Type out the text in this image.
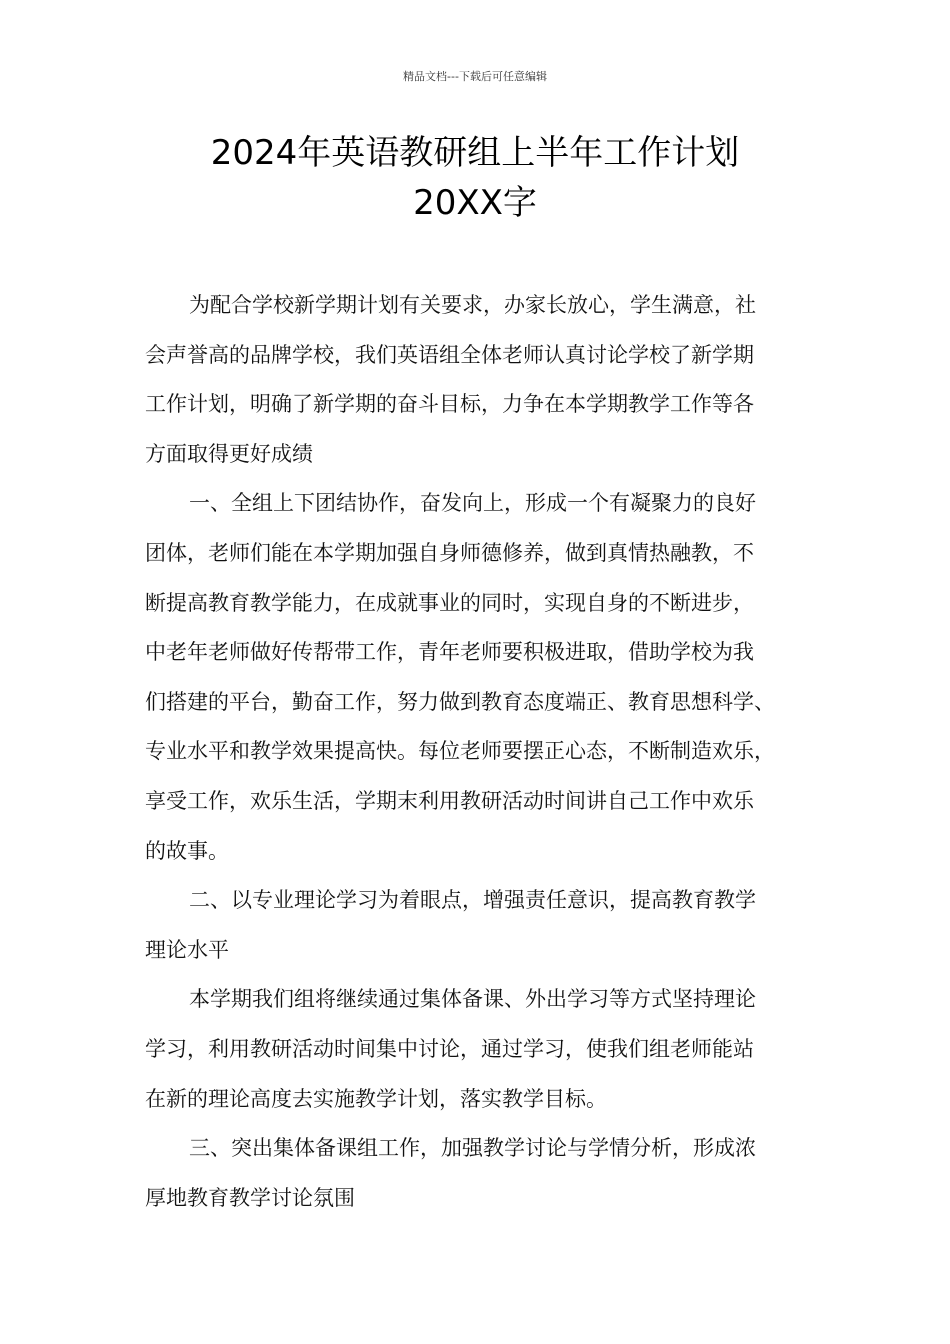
精品文档---下载后可任意编辑
2024年英语教研组上半年工作计划
20XX字
为配合学校新学期计划有关要求，办家长放心，学生满意，社
会声誉高的品牌学校，我们英语组全体老师认真讨论学校了新学期
工作计划，明确了新学期的奋斗目标，力争在本学期教学工作等各
方面取得更好成绩
一、全组上下团结协作，奋发向上，形成一个有凝聚力的良好
团体，老师们能在本学期加强自身师德修养，做到真情热融教，不
断提高教育教学能力，在成就事业的同时，实现自身的不断进步，
中老年老师做好传帮带工作，青年老师要积极进取，借助学校为我
们搭建的平台，勤奋工作，努力做到教育态度端正、教育思想科学、
专业水平和教学效果提高快。每位老师要摆正心态，不断制造欢乐，
享受工作，欢乐生活，学期末利用教研活动时间讲自己工作中欢乐
的故事。
二、以专业理论学习为着眼点，增强责任意识，提高教育教学
理论水平
本学期我们组将继续通过集体备课、外出学习等方式坚持理论
学习，利用教研活动时间集中讨论，通过学习，使我们组老师能站
在新的理论高度去实施教学计划，落实教学目标。
三、突出集体备课组工作，加强教学讨论与学情分析，形成浓
厚地教育教学讨论氛围
